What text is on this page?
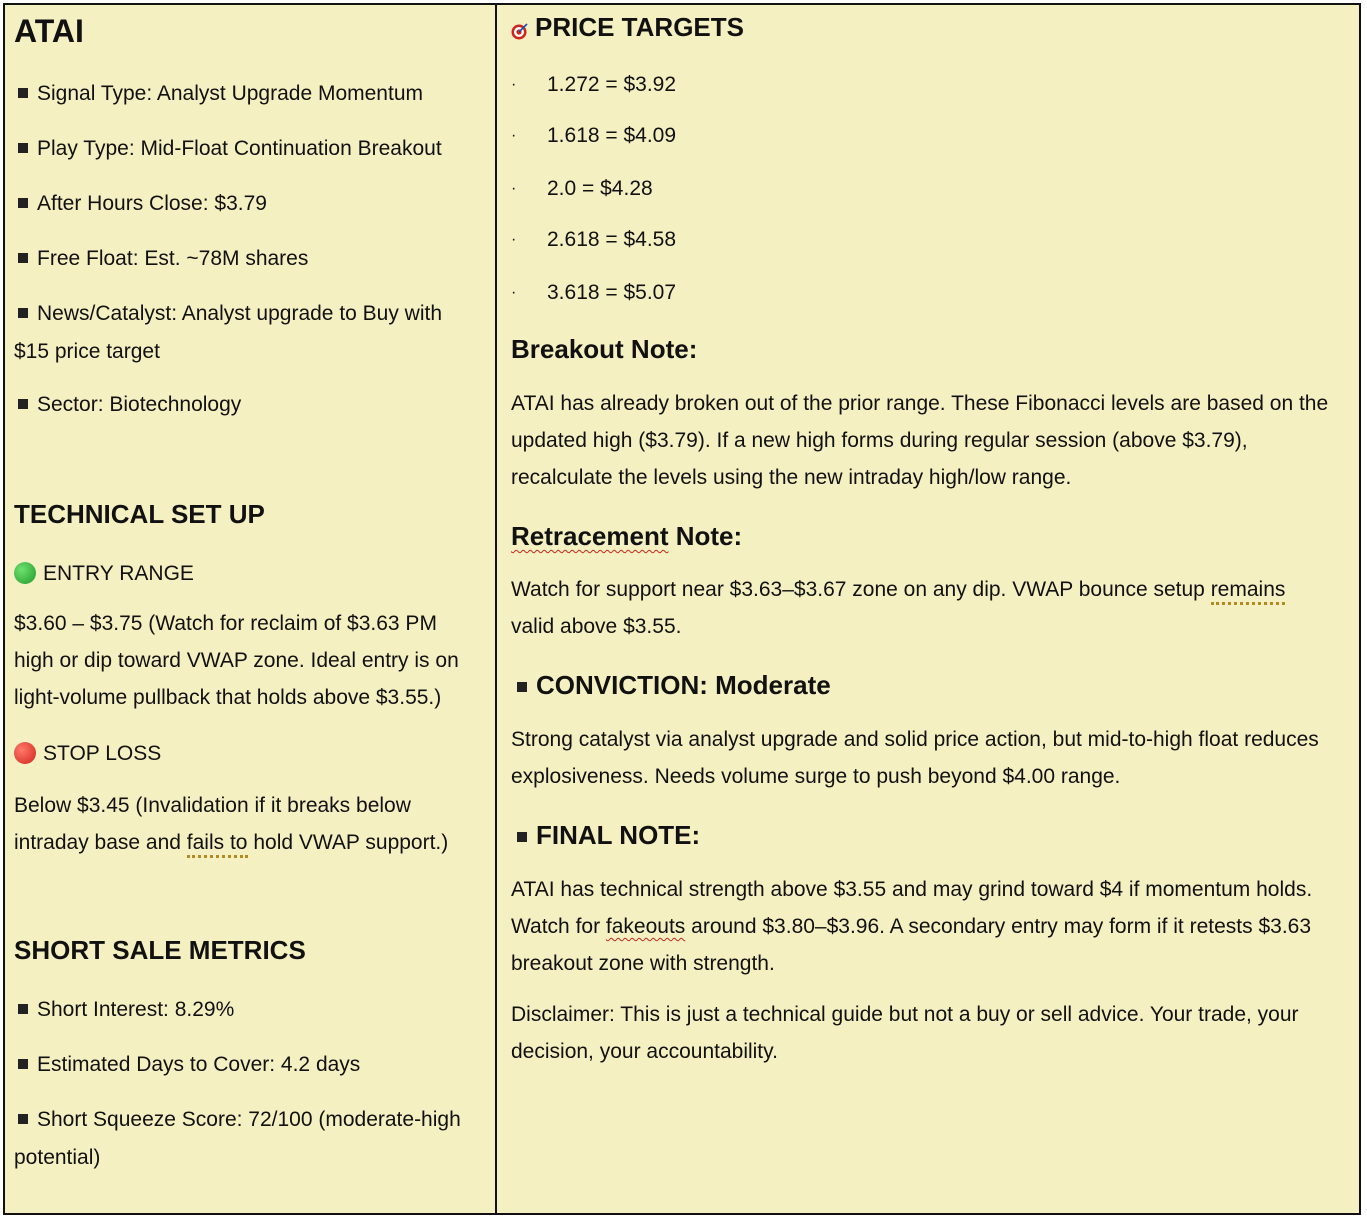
ATAI
Signal Type: Analyst Upgrade Momentum
Play Type: Mid-Float Continuation Breakout
After Hours Close: $3.79
Free Float: Est. ~78M shares
News/Catalyst: Analyst upgrade to Buy with
$15 price target
Sector: Biotechnology
TECHNICAL SET UP
ENTRY RANGE
$3.60 – $3.75 (Watch for reclaim of $3.63 PM
high or dip toward VWAP zone. Ideal entry is on
light-volume pullback that holds above $3.55.)
STOP LOSS
Below $3.45 (Invalidation if it breaks below
intraday base and fails to hold VWAP support.)
SHORT SALE METRICS
Short Interest: 8.29%
Estimated Days to Cover: 4.2 days
Short Squeeze Score: 72/100 (moderate-high
potential)
PRICE TARGETS
· 1.272 = $3.92
· 1.618 = $4.09
· 2.0 = $4.28
· 2.618 = $4.58
· 3.618 = $5.07
Breakout Note:
ATAI has already broken out of the prior range. These Fibonacci levels are based on the
updated high ($3.79). If a new high forms during regular session (above $3.79),
recalculate the levels using the new intraday high/low range.
Retracement Note:
Watch for support near $3.63–$3.67 zone on any dip. VWAP bounce setup remains
valid above $3.55.
CONVICTION: Moderate
Strong catalyst via analyst upgrade and solid price action, but mid-to-high float reduces
explosiveness. Needs volume surge to push beyond $4.00 range.
FINAL NOTE:
ATAI has technical strength above $3.55 and may grind toward $4 if momentum holds.
Watch for fakeouts around $3.80–$3.96. A secondary entry may form if it retests $3.63
breakout zone with strength.
Disclaimer: This is just a technical guide but not a buy or sell advice. Your trade, your
decision, your accountability.
